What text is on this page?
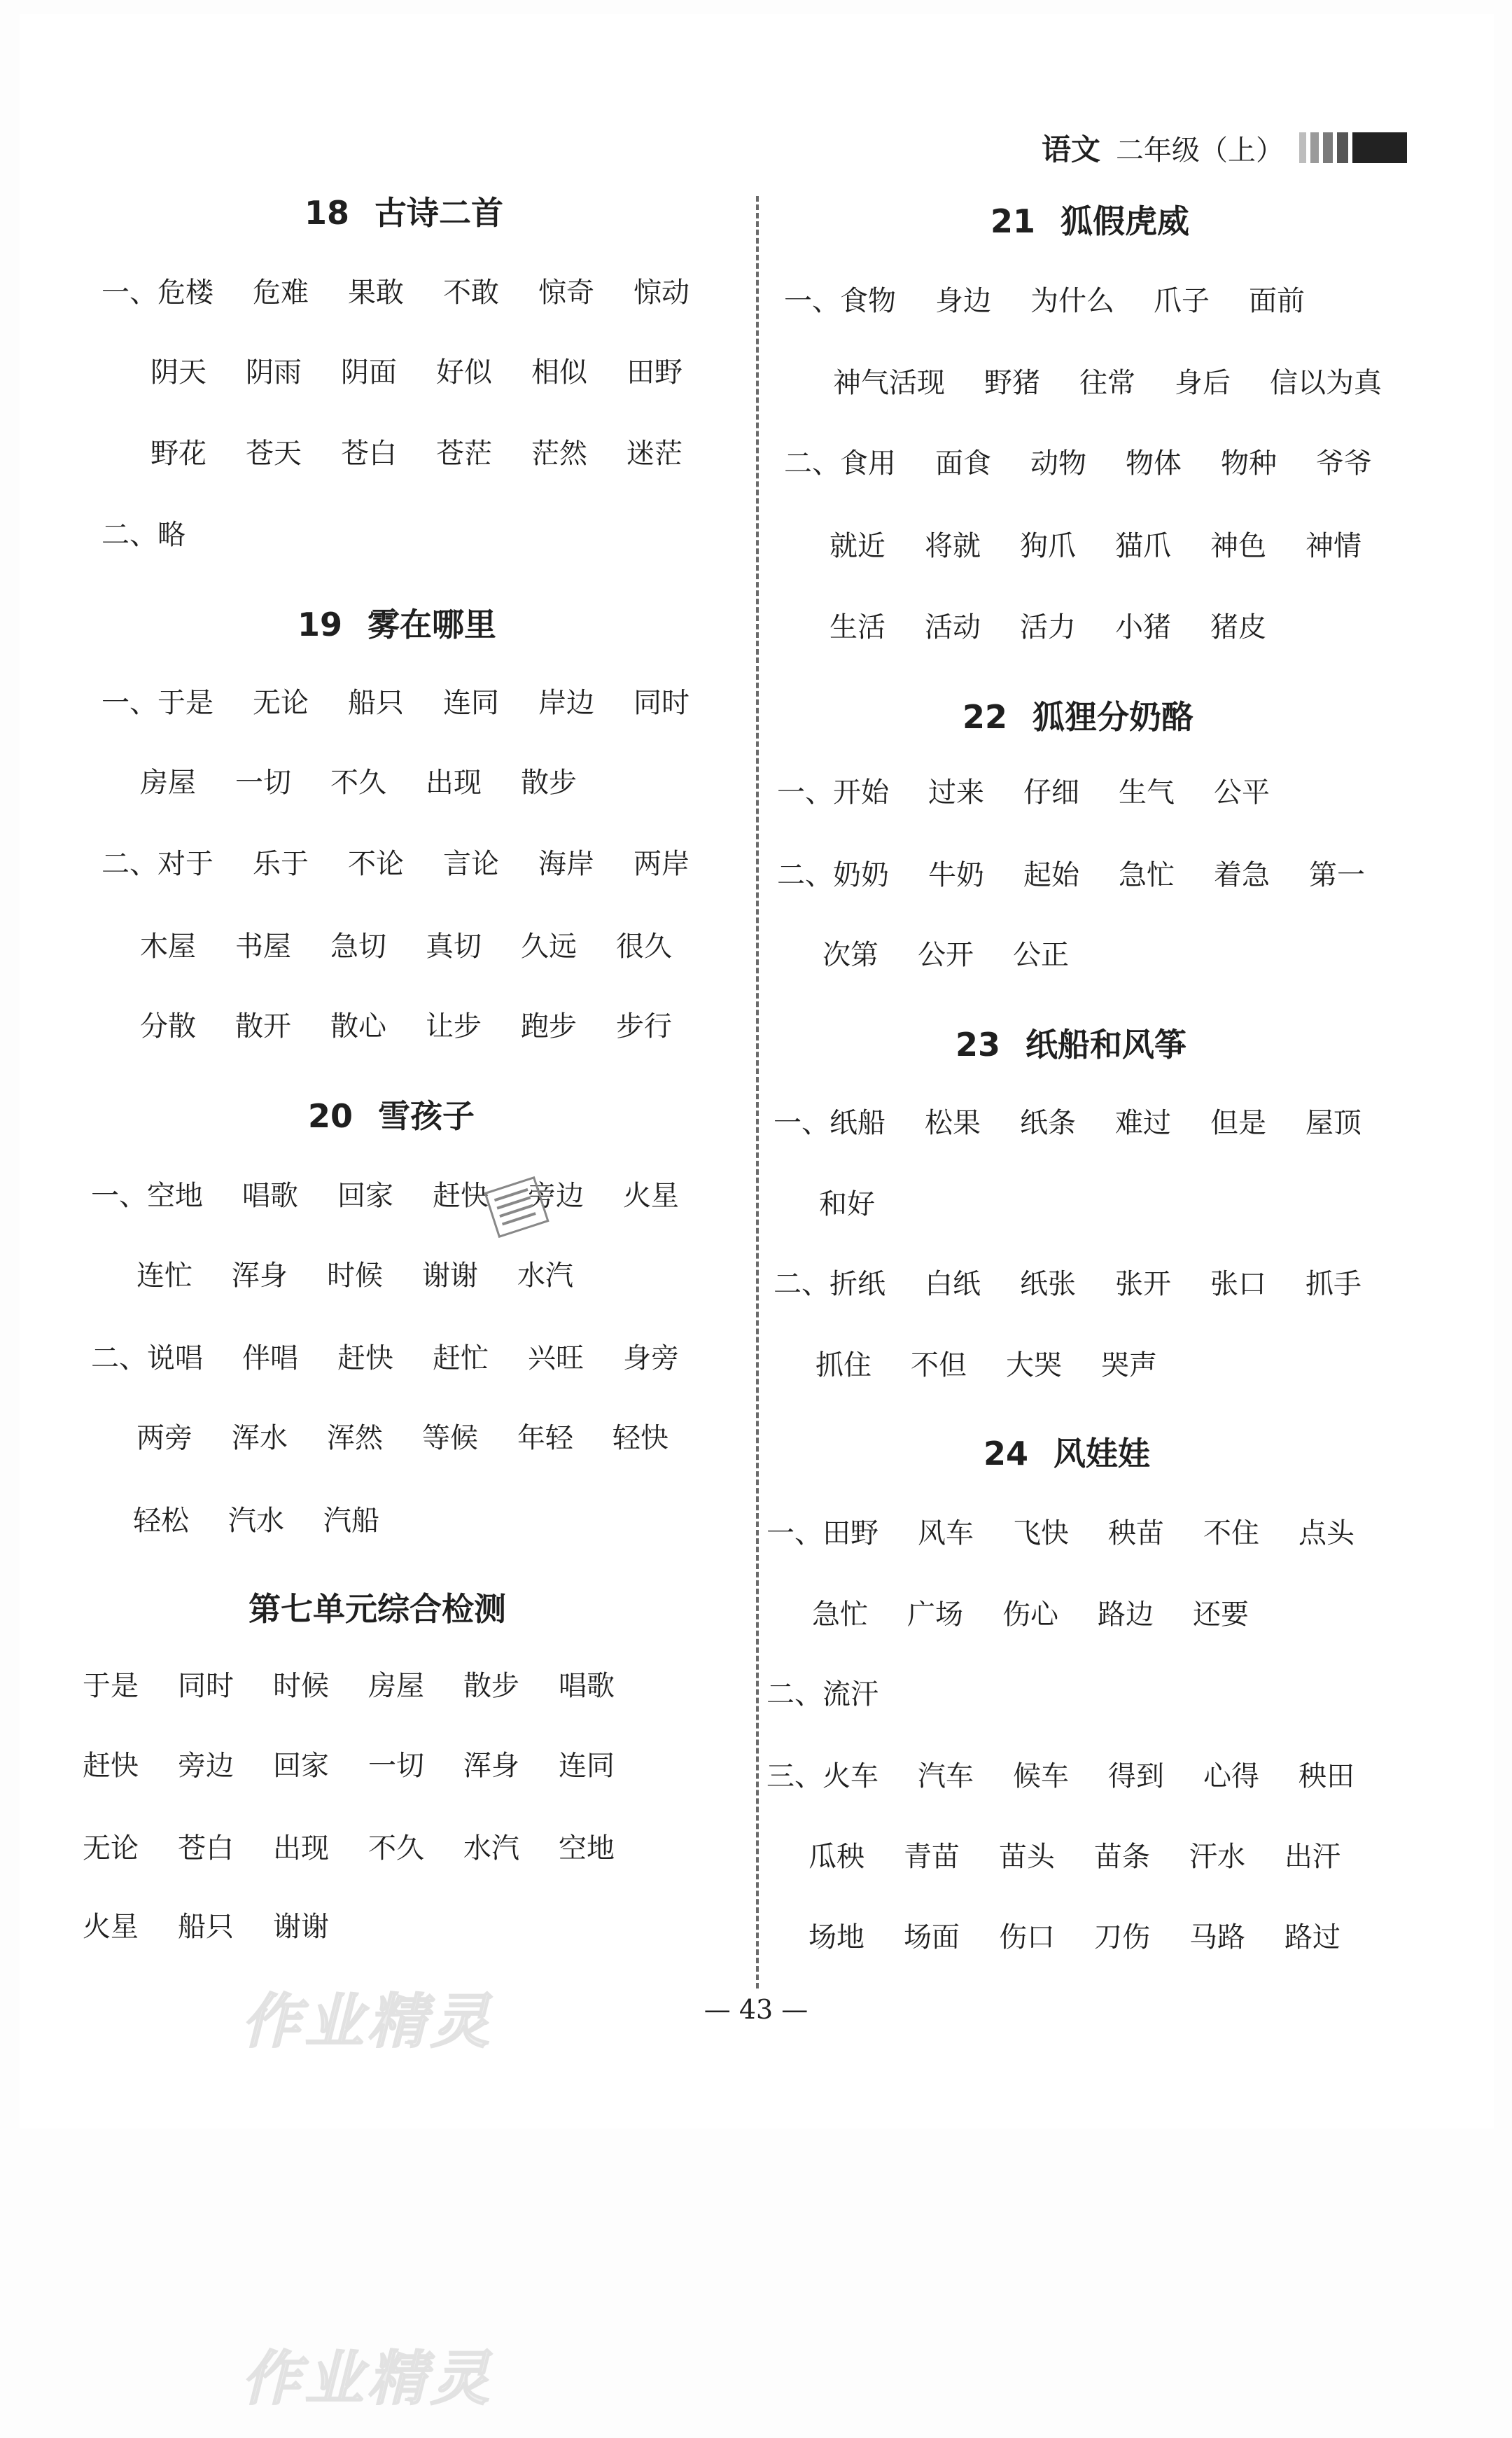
语文 二年级（上）
18 古诗二首
一、 危楼 危难 果敢 不敢 惊奇 惊动
阴天 阴雨 阴面 好似 相似 田野
野花 苍天 苍白 苍茫 茫然 迷茫
二、 略
19 雾在哪里
一、 于是 无论 船只 连同 岸边 同时
房屋 一切 不久 出现 散步
二、 对于 乐于 不论 言论 海岸 两岸
木屋 书屋 急切 真切 久远 很久
分散 散开 散心 让步 跑步 步行
20 雪孩子
一、 空地 唱歌 回家 赶快 旁边 火星
连忙 浑身 时候 谢谢 水汽
二、 说唱 伴唱 赶快 赶忙 兴旺 身旁
两旁 浑水 浑然 等候 年轻 轻快
轻松 汽水 汽船
第七单元综合检测
于是 同时 时候 房屋 散步 唱歌
赶快 旁边 回家 一切 浑身 连同
无论 苍白 出现 不久 水汽 空地
火星 船只 谢谢
21 狐假虎威
一、 食物 身边 为什么 爪子 面前
神气活现 野猪 往常 身后 信以为真
二、 食用 面食 动物 物体 物种 爷爷
就近 将就 狗爪 猫爪 神色 神情
生活 活动 活力 小猪 猪皮
22 狐狸分奶酪
一、 开始 过来 仔细 生气 公平
二、 奶奶 牛奶 起始 急忙 着急 第一
次第 公开 公正
23 纸船和风筝
一、 纸船 松果 纸条 难过 但是 屋顶
和好
二、 折纸 白纸 纸张 张开 张口 抓手
抓住 不但 大哭 哭声
24 风娃娃
一、 田野 风车 飞快 秧苗 不住 点头
急忙 广场 伤心 路边 还要
二、 流汗
三、 火车 汽车 候车 得到 心得 秧田
瓜秧 青苗 苗头 苗条 汗水 出汗
场地 场面 伤口 刀伤 马路 路过
— 43 —
作业精灵
作业精灵
